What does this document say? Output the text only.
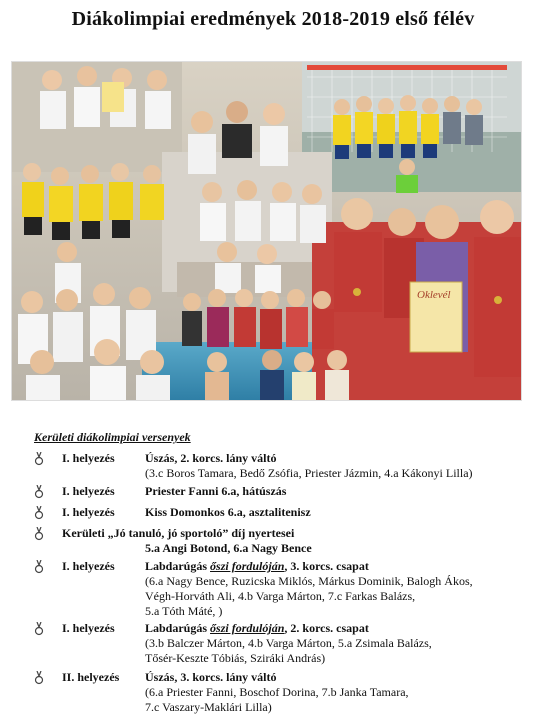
Diákolimpiai eredmények 2018-2019 első félév
Oklevél
Kerületi diákolimpiai versenyek
I. helyezés	Úszás, 2. korcs. lány váltó
(3.c Boros Tamara, Bedő Zsófia, Priester Jázmin, 4.a Kákonyi Lilla)
I. helyezés	Priester Fanni 6.a, hátúszás
I. helyezés	Kiss Domonkos 6.a, asztalitenisz
Kerületi „Jó tanuló, jó sportoló” díj nyertesei
5.a Angi Botond, 6.a Nagy Bence
I. helyezés	Labdarúgás őszi fordulóján, 3. korcs. csapat
(6.a Nagy Bence, Ruzicska Miklós, Márkus Dominik, Balogh Ákos,
Végh-Horváth Ali, 4.b Varga Márton, 7.c Farkas Balázs,
5.a Tóth Máté, )
I. helyezés	Labdarúgás őszi fordulóján, 2. korcs. csapat
(3.b Balczer Márton, 4.b Varga Márton, 5.a Zsimala Balázs,
Tősér-Keszte Tóbiás, Sziráki András)
II. helyezés Úszás, 3. korcs. lány váltó
(6.a Priester Fanni, Boschof Dorina, 7.b Janka Tamara,
7.c Vaszary-Maklári Lilla)
